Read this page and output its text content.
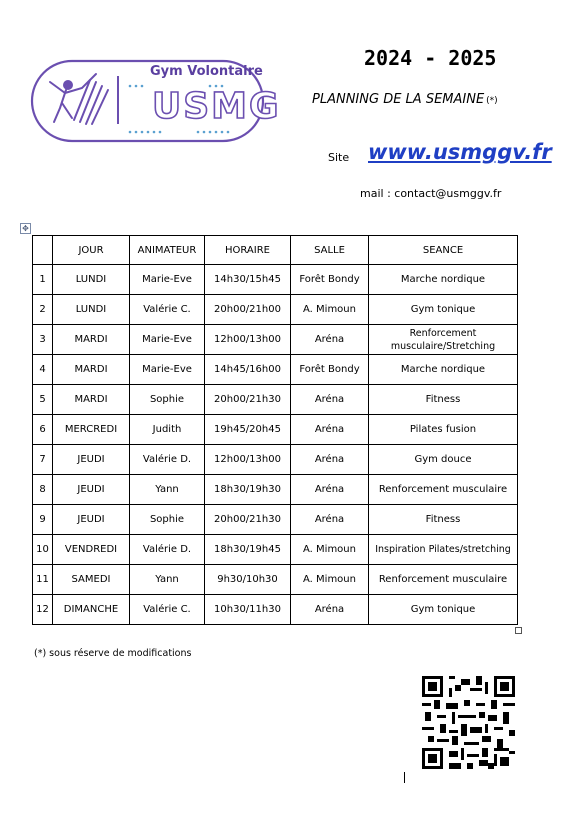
Gym Volontaire
USMG
2024 - 2025
PLANNING DE LA SEMAINE (*)
Site www.usmggv.fr
mail : contact@usmggv.fr
✥
	JOUR	ANIMATEUR	HORAIRE	SALLE	SEANCE
1	LUNDI	Marie-Eve	14h30/15h45	Forêt Bondy	Marche nordique
2	LUNDI	Valérie C.	20h00/21h00	A. Mimoun	Gym tonique
3	MARDI	Marie-Eve	12h00/13h00	Aréna	Renforcement musculaire/Stretching
4	MARDI	Marie-Eve	14h45/16h00	Forêt Bondy	Marche nordique
5	MARDI	Sophie	20h00/21h30	Aréna	Fitness
6	MERCREDI	Judith	19h45/20h45	Aréna	Pilates fusion
7	JEUDI	Valérie D.	12h00/13h00	Aréna	Gym douce
8	JEUDI	Yann	18h30/19h30	Aréna	Renforcement musculaire
9	JEUDI	Sophie	20h00/21h30	Aréna	Fitness
10	VENDREDI	Valérie D.	18h30/19h45	A. Mimoun	Inspiration Pilates/stretching
11	SAMEDI	Yann	9h30/10h30	A. Mimoun	Renforcement musculaire
12	DIMANCHE	Valérie C.	10h30/11h30	Aréna	Gym tonique
(*) sous réserve de modifications
